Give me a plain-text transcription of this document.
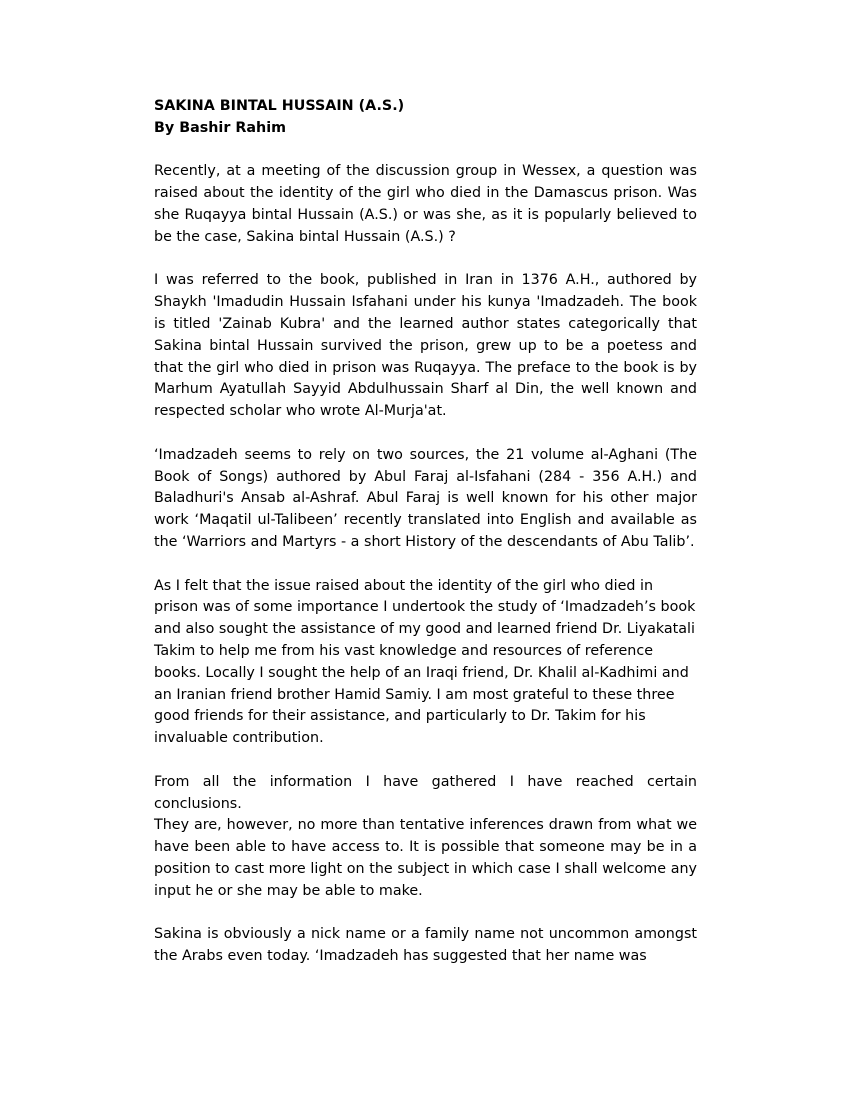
SAKINA BINTAL HUSSAIN (A.S.)
By Bashir Rahim

Recently, at a meeting of the discussion group in Wessex, a question was raised about the identity of the girl who died in the Damascus prison. Was she Ruqayya bintal Hussain (A.S.) or was she, as it is popularly believed to be the case, Sakina bintal Hussain (A.S.) ?

I was referred to the book, published in Iran in 1376 A.H., authored by Shaykh 'Imadudin Hussain Isfahani under his kunya 'Imadzadeh. The book is titled 'Zainab Kubra' and the learned author states categorically that Sakina bintal Hussain survived the prison, grew up to be a poetess and that the girl who died in prison was Ruqayya. The preface to the book is by Marhum Ayatullah Sayyid Abdulhussain Sharf al Din, the well known and respected scholar who wrote Al-Murja'at.

‘Imadzadeh seems to rely on two sources, the 21 volume al-Aghani (The Book of Songs) authored by Abul Faraj al-Isfahani (284 - 356 A.H.) and Baladhuri's Ansab al-Ashraf. Abul Faraj is well known for his other major work ‘Maqatil ul-Talibeen’ recently translated into English and available as the ‘Warriors and Martyrs - a short History of the descendants of Abu Talib’.

As I felt that the issue raised about the identity of the girl who died in prison was of some importance I undertook the study of ‘Imadzadeh’s book and also sought the assistance of my good and learned friend Dr. Liyakatali Takim to help me from his vast knowledge and resources of reference books. Locally I sought the help of an Iraqi friend, Dr. Khalil al-Kadhimi and an Iranian friend brother Hamid Samiy. I am most grateful to these three good friends for their assistance, and particularly to Dr. Takim for his invaluable contribution.

From all the information I have gathered I have reached certain conclusions.

They are, however, no more than tentative inferences drawn from what we have been able to have access to. It is possible that someone may be in a position to cast more light on the subject in which case I shall welcome any input he or she may be able to make.

Sakina is obviously a nick name or a family name not uncommon amongst the Arabs even today. ‘Imadzadeh has suggested that her name was
